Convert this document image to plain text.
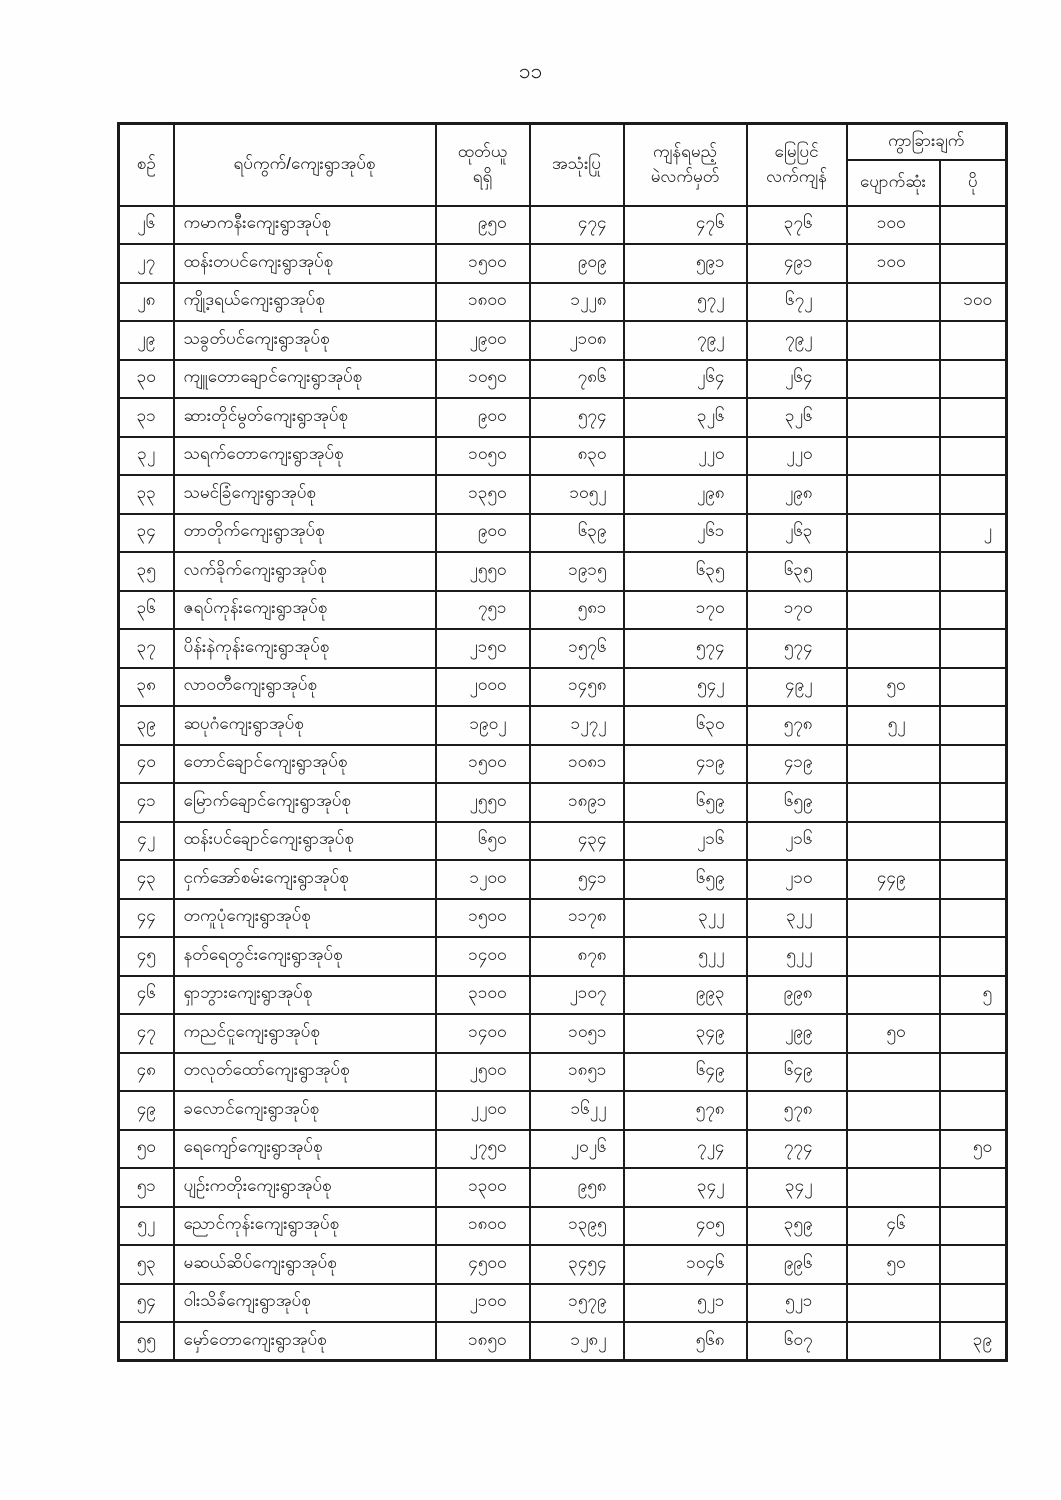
၁၁
စဉ်	ရပ်ကွက်/ကျေးရွာအုပ်စု	ထုတ်ယူ
ရရှိ	အသုံးပြု	ကျန်ရမည့်
မဲလက်မှတ်	မြေပြင်
လက်ကျန်	ကွာခြားချက်	
						ပျောက်ဆုံး	ပို
၂၆	ကမာကနီးကျေးရွာအုပ်စု	၉၅၀	၄၇၄	၄၇၆	၃၇၆	၁၀၀	
၂၇	ထန်းတပင်ကျေးရွာအုပ်စု	၁၅၀၀	၉၀၉	၅၉၁	၄၉၁	၁၀၀	
၂၈	ကျို့ဒရယ်ကျေးရွာအုပ်စု	၁၈၀၀	၁၂၂၈	၅၇၂	၆၇၂		၁၀၀
၂၉	သခွတ်ပင်ကျေးရွာအုပ်စု	၂၉၀၀	၂၁၀၈	၇၉၂	၇၉၂		
၃၀	ကျူတောချောင်ကျေးရွာအုပ်စု	၁၀၅၀	၇၈၆	၂၆၄	၂၆၄		
၃၁	ဆားတိုင်မွတ်ကျေးရွာအုပ်စု	၉၀၀	၅၇၄	၃၂၆	၃၂၆		
၃၂	သရက်တောကျေးရွာအုပ်စု	၁၀၅၀	၈၃၀	၂၂၀	၂၂၀		
၃၃	သမင်ခြံကျေးရွာအုပ်စု	၁၃၅၀	၁၀၅၂	၂၉၈	၂၉၈		
၃၄	တာတိုက်ကျေးရွာအုပ်စု	၉၀၀	၆၃၉	၂၆၁	၂၆၃		၂
၃၅	လက်ခိုက်ကျေးရွာအုပ်စု	၂၅၅၀	၁၉၁၅	၆၃၅	၆၃၅		
၃၆	ဇရပ်ကုန်းကျေးရွာအုပ်စု	၇၅၁	၅၈၁	၁၇၀	၁၇၀		
၃၇	ပိန်းနဲကုန်းကျေးရွာအုပ်စု	၂၁၅၀	၁၅၇၆	၅၇၄	၅၇၄		
၃၈	လာဝတီကျေးရွာအုပ်စု	၂၀၀၀	၁၄၅၈	၅၄၂	၄၉၂	၅၀	
၃၉	ဆပုဂံကျေးရွာအုပ်စု	၁၉၀၂	၁၂၇၂	၆၃၀	၅၇၈	၅၂	
၄၀	တောင်ချောင်ကျေးရွာအုပ်စု	၁၅၀၀	၁၀၈၁	၄၁၉	၄၁၉		
၄၁	မြောက်ချောင်ကျေးရွာအုပ်စု	၂၅၅၀	၁၈၉၁	၆၅၉	၆၅၉		
၄၂	ထန်းပင်ချောင်ကျေးရွာအုပ်စု	၆၅၀	၄၃၄	၂၁၆	၂၁၆		
၄၃	ငှက်အော်စမ်းကျေးရွာအုပ်စု	၁၂၀၀	၅၄၁	၆၅၉	၂၁၀	၄၄၉	
၄၄	တကူပုံကျေးရွာအုပ်စု	၁၅၀၀	၁၁၇၈	၃၂၂	၃၂၂		
၄၅	နတ်ရေတွင်းကျေးရွာအုပ်စု	၁၄၀၀	၈၇၈	၅၂၂	၅၂၂		
၄၆	ရှာဘွားကျေးရွာအုပ်စု	၃၁၀၀	၂၁၀၇	၉၉၃	၉၉၈		၅
၄၇	ကညင်ငူကျေးရွာအုပ်စု	၁၄၀၀	၁၀၅၁	၃၄၉	၂၉၉	၅၀	
၄၈	တလုတ်ထော်ကျေးရွာအုပ်စု	၂၅၀၀	၁၈၅၁	၆၄၉	၆၄၉		
၄၉	ခလောင်ကျေးရွာအုပ်စု	၂၂၀၀	၁၆၂၂	၅၇၈	၅၇၈		
၅၀	ရေကျော်ကျေးရွာအုပ်စု	၂၇၅၀	၂၀၂၆	၇၂၄	၇၇၄		၅၀
၅၁	ပျဉ်းကတိုးကျေးရွာအုပ်စု	၁၃၀၀	၉၅၈	၃၄၂	၃၄၂		
၅၂	ညောင်ကုန်းကျေးရွာအုပ်စု	၁၈၀၀	၁၃၉၅	၄၀၅	၃၅၉	၄၆	
၅၃	မဆယ်ဆိပ်ကျေးရွာအုပ်စု	၄၅၀၀	၃၄၅၄	၁၀၄၆	၉၉၆	၅၀	
၅၄	ဝါးသိခ်ံကျေးရွာအုပ်စု	၂၁၀၀	၁၅၇၉	၅၂၁	၅၂၁		
၅၅	မှော်တောကျေးရွာအုပ်စု	၁၈၅၀	၁၂၈၂	၅၆၈	၆၀၇		၃၉
